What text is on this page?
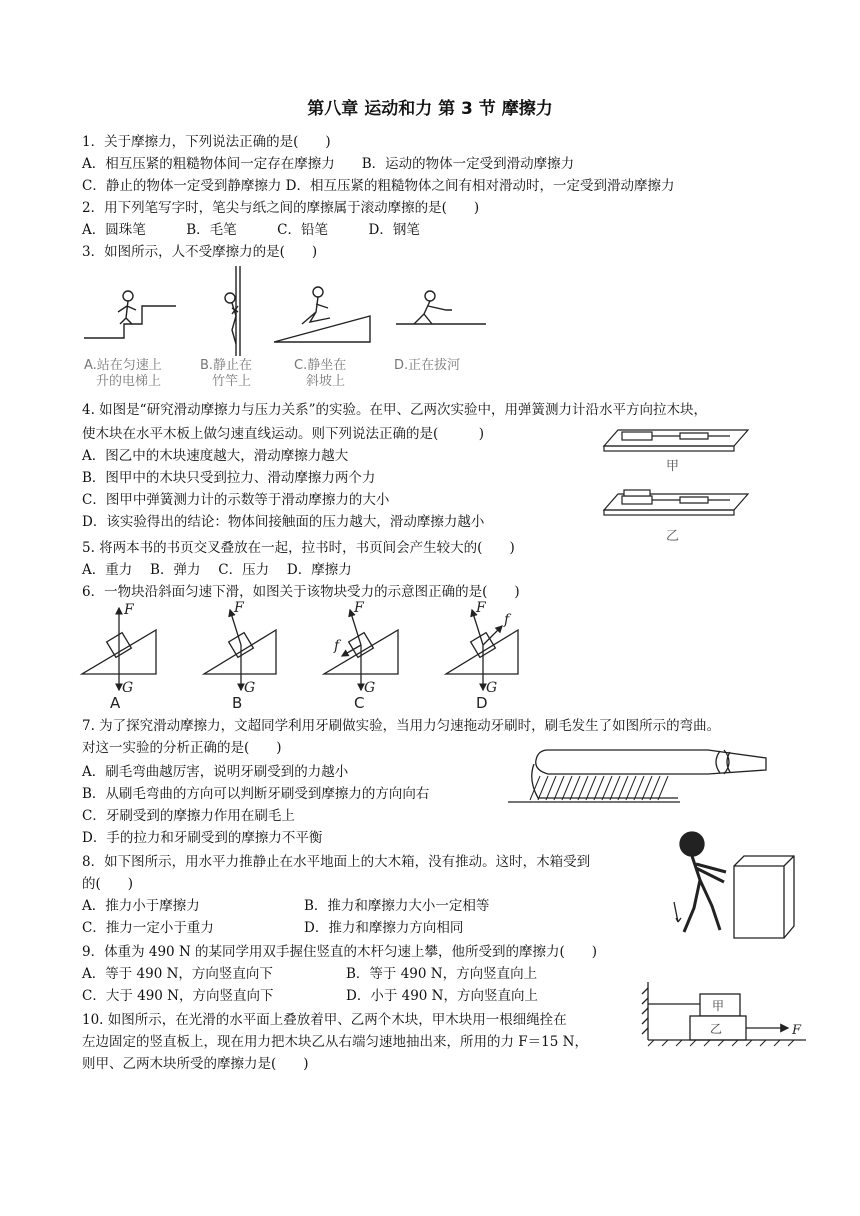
第八章 运动和力 第 3 节 摩擦力
1．关于摩擦力，下列说法正确的是(　　)
A．相互压紧的粗糙物体间一定存在摩擦力　　B．运动的物体一定受到滑动摩擦力
C．静止的物体一定受到静摩擦力 D．相互压紧的粗糙物体之间有相对滑动时，一定受到滑动摩擦力
2．用下列笔写字时，笔尖与纸之间的摩擦属于滚动摩擦的是(　　)
A．圆珠笔　　　B．毛笔　　　C．铅笔　　　D．钢笔
3．如图所示，人不受摩擦力的是(　　)
A.站在匀速上
升的电梯上
B.静止在
竹竿上
C.静坐在
斜坡上
D.正在拔河
4. 如图是“研究滑动摩擦力与压力关系”的实验。在甲、乙两次实验中，用弹簧测力计沿水平方向拉木块，
使木块在水平木板上做匀速直线运动。则下列说法正确的是(　　　)
A．图乙中的木块速度越大，滑动摩擦力越大
B．图甲中的木块只受到拉力、滑动摩擦力两个力
C．图甲中弹簧测力计的示数等于滑动摩擦力的大小
D．该实验得出的结论：物体间接触面的压力越大，滑动摩擦力越小
甲
乙
5. 将两本书的书页交叉叠放在一起，拉书时，书页间会产生较大的(　　)
A．重力　 B．弹力　 C．压力　 D．摩擦力
6．一物块沿斜面匀速下滑，如图关于该物块受力的示意图正确的是(　　)
F
G
F
G
F
f
G
F
f
G
A	B	C	D
7. 为了探究滑动摩擦力，文超同学利用牙刷做实验，当用力匀速拖动牙刷时，刷毛发生了如图所示的弯曲。
对这一实验的分析正确的是(　　)
A．刷毛弯曲越厉害，说明牙刷受到的力越小
B．从刷毛弯曲的方向可以判断牙刷受到摩擦力的方向向右
C．牙刷受到的摩擦力作用在刷毛上
D．手的拉力和牙刷受到的摩擦力不平衡
8．如下图所示，用水平力推静止在水平地面上的大木箱，没有推动。这时，木箱受到
的(　　)
A．推力小于摩擦力	B．推力和摩擦力大小一定相等
C．推力一定小于重力	D．推力和摩擦力方向相同
9．体重为 490 N 的某同学用双手握住竖直的木杆匀速上攀，他所受到的摩擦力(　　)
A．等于 490 N，方向竖直向下	B．等于 490 N，方向竖直向上
C．大于 490 N，方向竖直向下	D．小于 490 N，方向竖直向上
10. 如图所示，在光滑的水平面上叠放着甲、乙两个木块，甲木块用一根细绳拴在
左边固定的竖直板上，现在用力把木块乙从右端匀速地抽出来，所用的力 F＝15 N，
则甲、乙两木块所受的摩擦力是(　　)
甲
乙	F
